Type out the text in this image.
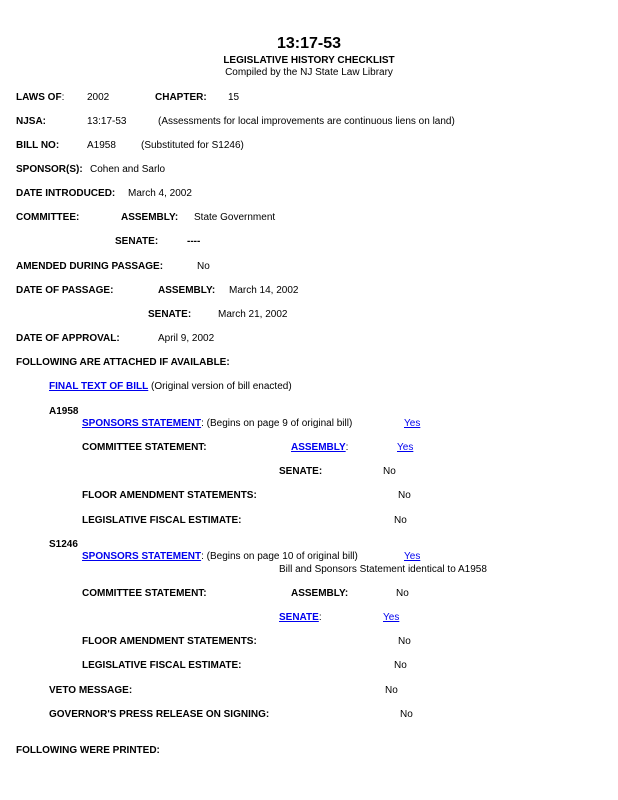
13:17-53
LEGISLATIVE HISTORY CHECKLIST
Compiled by the NJ State Law Library
LAWS OF: 2002	CHAPTER: 15
NJSA:	13:17-53	(Assessments for local improvements are continuous liens on land)
BILL NO:	A1958	(Substituted for S1246)
SPONSOR(S): Cohen and Sarlo
DATE INTRODUCED: March 4, 2002
COMMITTEE:	ASSEMBLY: State Government
SENATE:	----
AMENDED DURING PASSAGE:	No
DATE OF PASSAGE:	ASSEMBLY: March 14, 2002
SENATE:	March 21, 2002
DATE OF APPROVAL:	April 9, 2002
FOLLOWING ARE ATTACHED IF AVAILABLE:
FINAL TEXT OF BILL (Original version of bill enacted)
A1958
SPONSORS STATEMENT: (Begins on page 9 of original bill)	Yes
COMMITTEE STATEMENT:	ASSEMBLY:	Yes
SENATE:	No
FLOOR AMENDMENT STATEMENTS:	No
LEGISLATIVE FISCAL ESTIMATE:	No
S1246
SPONSORS STATEMENT: (Begins on page 10 of original bill)	Yes
Bill and Sponsors Statement identical to A1958
COMMITTEE STATEMENT:	ASSEMBLY:	No
SENATE:	Yes
FLOOR AMENDMENT STATEMENTS:	No
LEGISLATIVE FISCAL ESTIMATE:	No
VETO MESSAGE:	No
GOVERNOR'S PRESS RELEASE ON SIGNING:	No
FOLLOWING WERE PRINTED:
